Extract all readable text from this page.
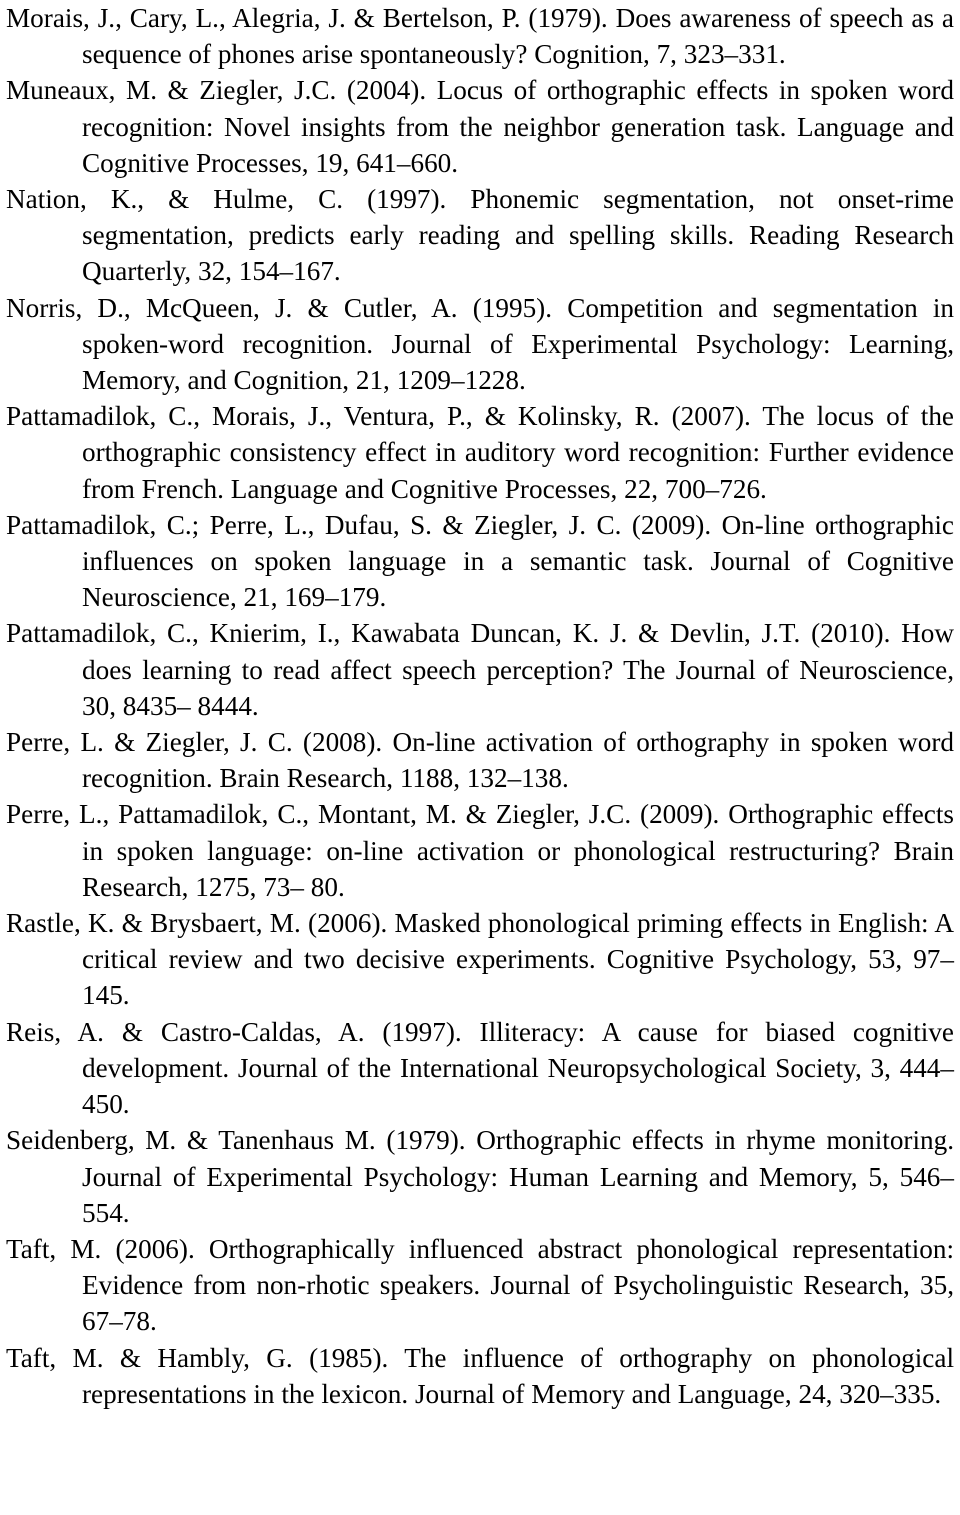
Morais, J., Cary, L., Alegria, J. & Bertelson, P. (1979). Does awareness of speech as a sequence of phones arise spontaneously? Cognition, 7, 323–331.
Muneaux, M. & Ziegler, J.C. (2004). Locus of orthographic effects in spoken word recognition: Novel insights from the neighbor generation task. Language and Cognitive Processes, 19, 641–660.
Nation, K., & Hulme, C. (1997). Phonemic segmentation, not onset-rime segmentation, predicts early reading and spelling skills. Reading Research Quarterly, 32, 154–167.
Norris, D., McQueen, J. & Cutler, A. (1995). Competition and segmentation in spoken-word recognition. Journal of Experimental Psychology: Learning, Memory, and Cognition, 21, 1209–1228.
Pattamadilok, C., Morais, J., Ventura, P., & Kolinsky, R. (2007). The locus of the orthographic consistency effect in auditory word recognition: Further evidence from French. Language and Cognitive Processes, 22, 700–726.
Pattamadilok, C.; Perre, L., Dufau, S. & Ziegler, J. C. (2009). On-line orthographic influences on spoken language in a semantic task. Journal of Cognitive Neuroscience, 21, 169–179.
Pattamadilok, C., Knierim, I., Kawabata Duncan, K. J. & Devlin, J.T. (2010). How does learning to read affect speech perception? The Journal of Neuroscience, 30, 8435– 8444.
Perre, L. & Ziegler, J. C. (2008). On-line activation of orthography in spoken word recognition. Brain Research, 1188, 132–138.
Perre, L., Pattamadilok, C., Montant, M. & Ziegler, J.C. (2009). Orthographic effects in spoken language: on-line activation or phonological restructuring? Brain Research, 1275, 73– 80.
Rastle, K. & Brysbaert, M. (2006). Masked phonological priming effects in English: A critical review and two decisive experiments. Cognitive Psychology, 53, 97–145.
Reis, A. & Castro-Caldas, A. (1997). Illiteracy: A cause for biased cognitive development. Journal of the International Neuropsychological Society, 3, 444–450.
Seidenberg, M. & Tanenhaus M. (1979). Orthographic effects in rhyme monitoring. Journal of Experimental Psychology: Human Learning and Memory, 5, 546–554.
Taft, M. (2006). Orthographically influenced abstract phonological representation: Evidence from non-rhotic speakers. Journal of Psycholinguistic Research, 35, 67–78.
Taft, M. & Hambly, G. (1985). The influence of orthography on phonological representations in the lexicon. Journal of Memory and Language, 24, 320–335.
